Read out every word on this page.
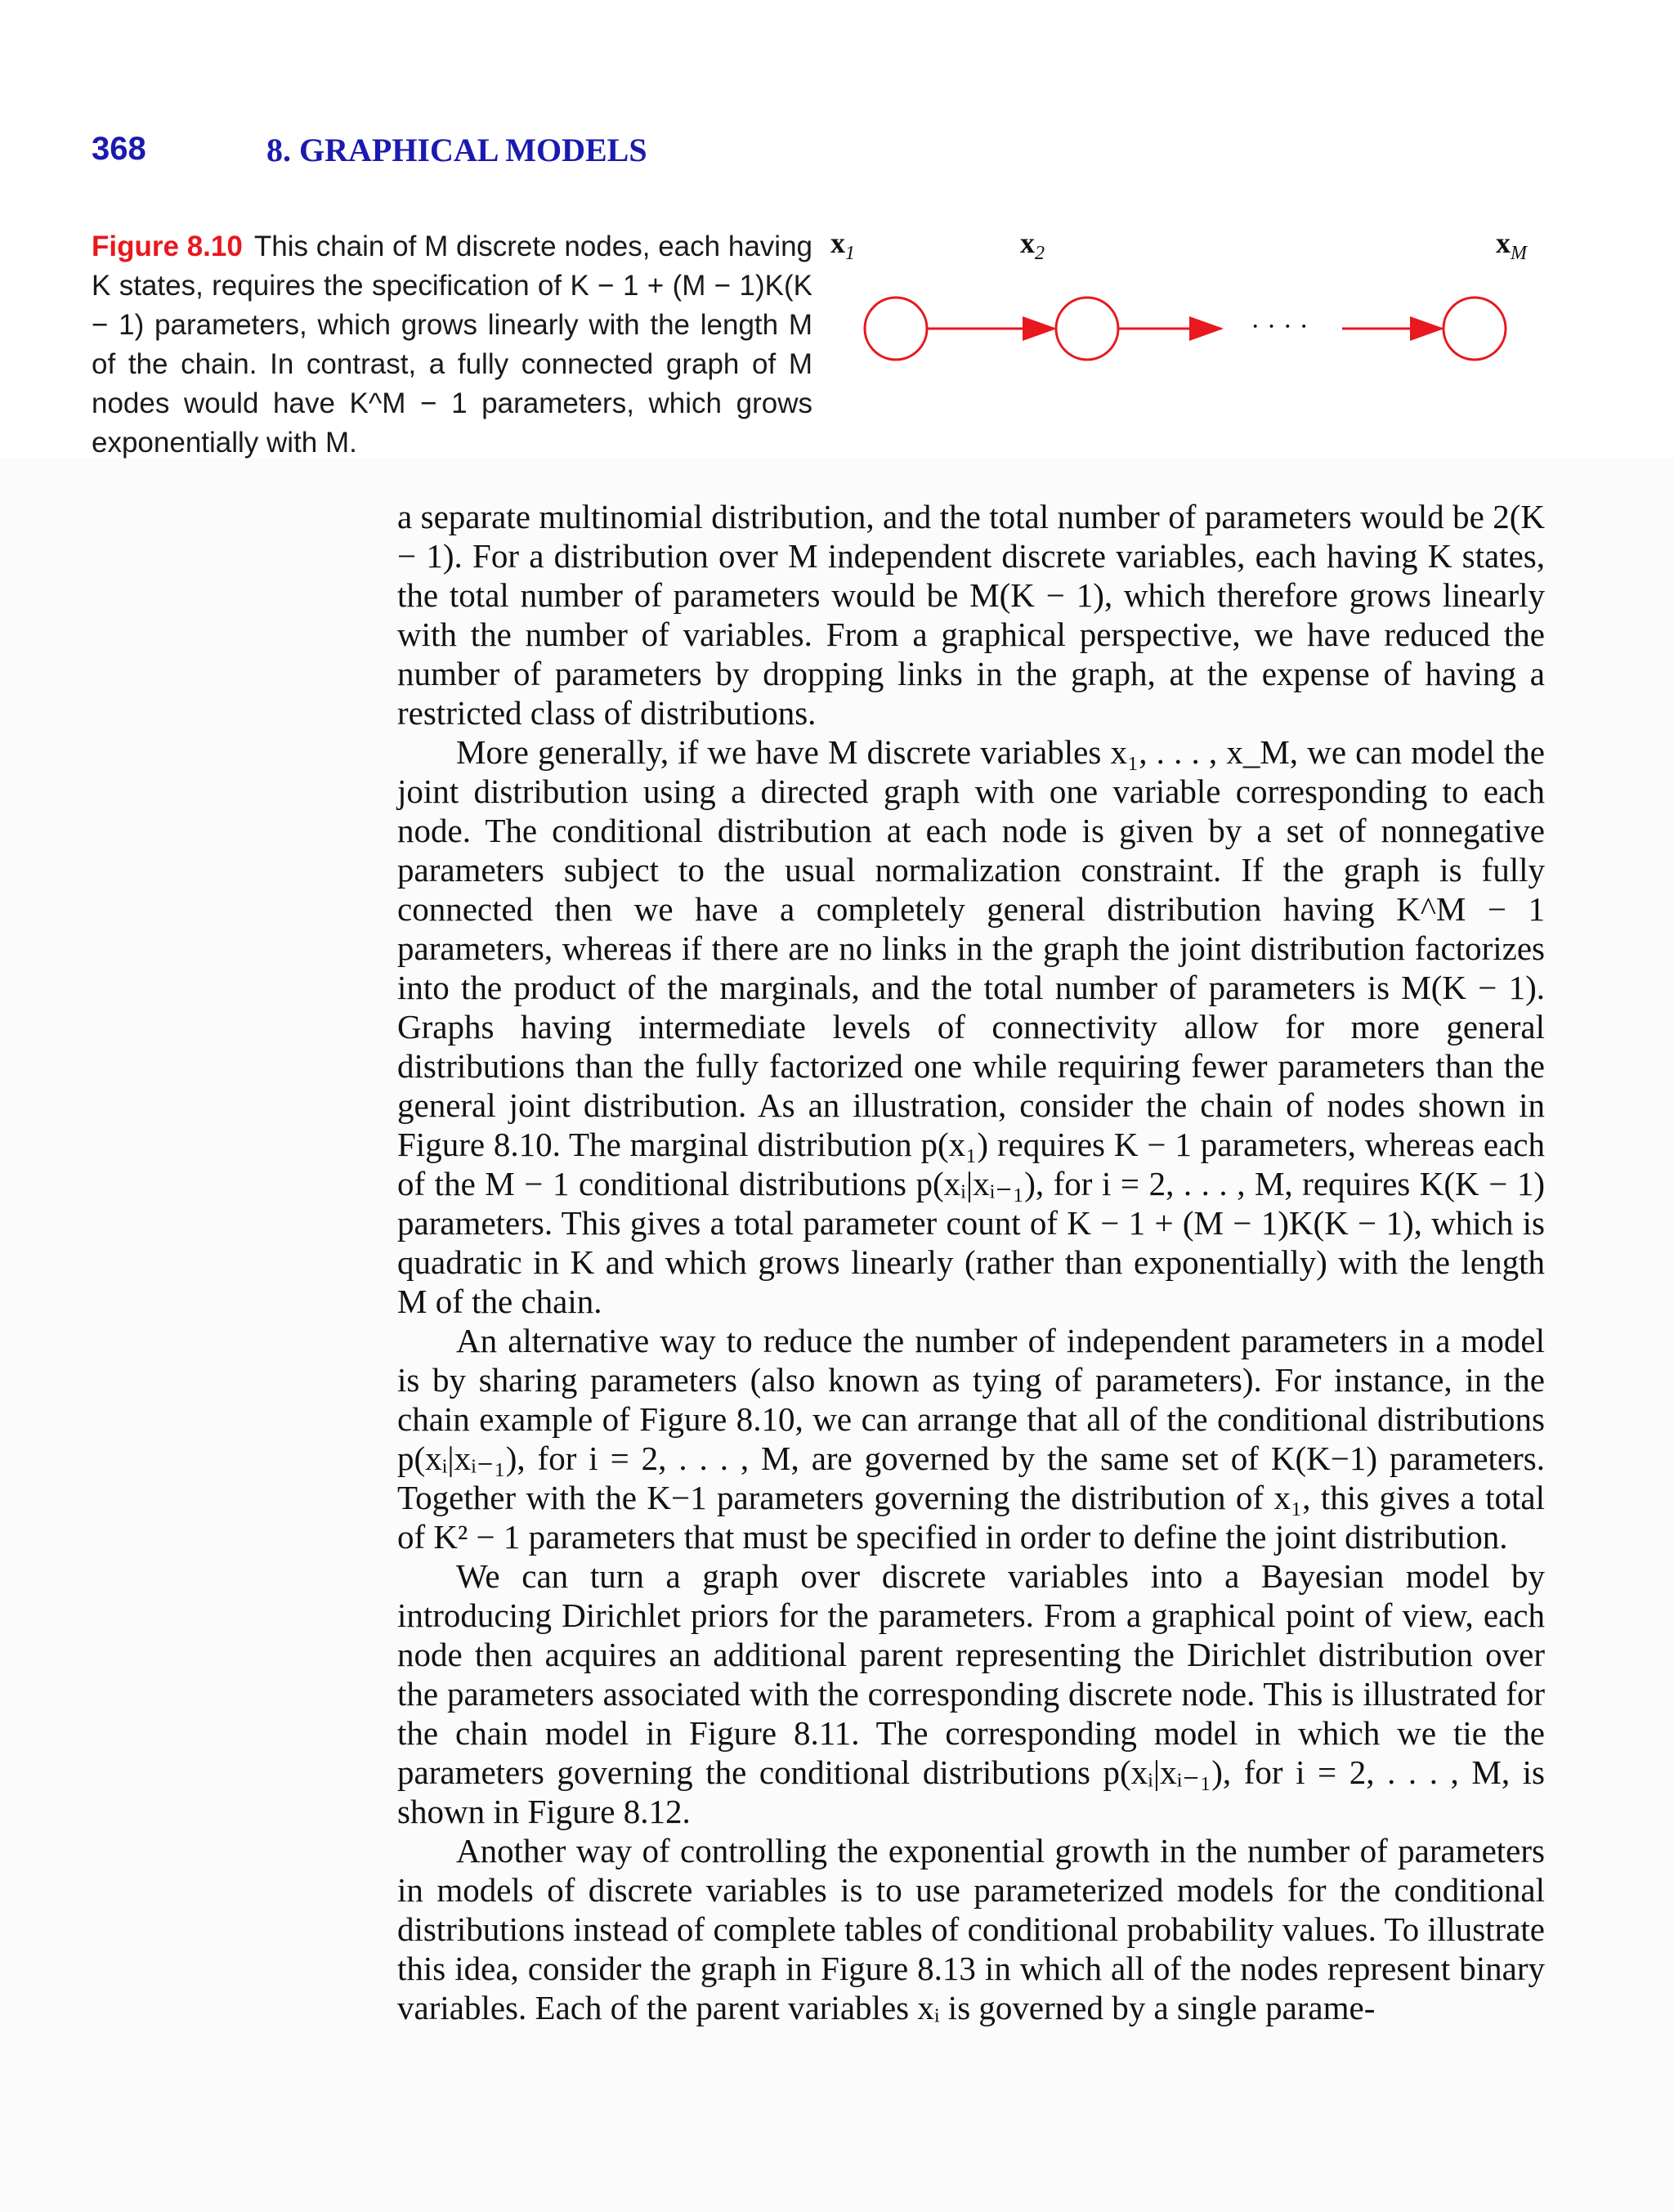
368	8. GRAPHICAL MODELS
Figure 8.10 This chain of M discrete nodes, each having K states, requires the specification of K − 1 + (M − 1)K(K − 1) parameters, which grows linearly with the length M of the chain. In contrast, a fully connected graph of M nodes would have K^M − 1 parameters, which grows exponentially with M.
$x_1$	$x_2$	$x_M$
· · · ·

a separate multinomial distribution, and the total number of parameters would be 2(K − 1). For a distribution over M independent discrete variables, each having K states, the total number of parameters would be M(K − 1), which therefore grows linearly with the number of variables. From a graphical perspective, we have reduced the number of parameters by dropping links in the graph, at the expense of having a restricted class of distributions.

More generally, if we have M discrete variables x₁, . . . , x_M, we can model the joint distribution using a directed graph with one variable corresponding to each node. The conditional distribution at each node is given by a set of nonnegative parameters subject to the usual normalization constraint. If the graph is fully connected then we have a completely general distribution having K^M − 1 parameters, whereas if there are no links in the graph the joint distribution factorizes into the product of the marginals, and the total number of parameters is M(K − 1). Graphs having intermediate levels of connectivity allow for more general distributions than the fully factorized one while requiring fewer parameters than the general joint distribution. As an illustration, consider the chain of nodes shown in Figure 8.10. The marginal distribution p(x₁) requires K − 1 parameters, whereas each of the M − 1 conditional distributions p(xᵢ|xᵢ₋₁), for i = 2, . . . , M, requires K(K − 1) parameters. This gives a total parameter count of K − 1 + (M − 1)K(K − 1), which is quadratic in K and which grows linearly (rather than exponentially) with the length M of the chain.

An alternative way to reduce the number of independent parameters in a model is by sharing parameters (also known as tying of parameters). For instance, in the chain example of Figure 8.10, we can arrange that all of the conditional distributions p(xᵢ|xᵢ₋₁), for i = 2, . . . , M, are governed by the same set of K(K−1) parameters. Together with the K−1 parameters governing the distribution of x₁, this gives a total of K² − 1 parameters that must be specified in order to define the joint distribution.

We can turn a graph over discrete variables into a Bayesian model by introducing Dirichlet priors for the parameters. From a graphical point of view, each node then acquires an additional parent representing the Dirichlet distribution over the parameters associated with the corresponding discrete node. This is illustrated for the chain model in Figure 8.11. The corresponding model in which we tie the parameters governing the conditional distributions p(xᵢ|xᵢ₋₁), for i = 2, . . . , M, is shown in Figure 8.12.

Another way of controlling the exponential growth in the number of parameters in models of discrete variables is to use parameterized models for the conditional distributions instead of complete tables of conditional probability values. To illustrate this idea, consider the graph in Figure 8.13 in which all of the nodes represent binary variables. Each of the parent variables xᵢ is governed by a single parame-
